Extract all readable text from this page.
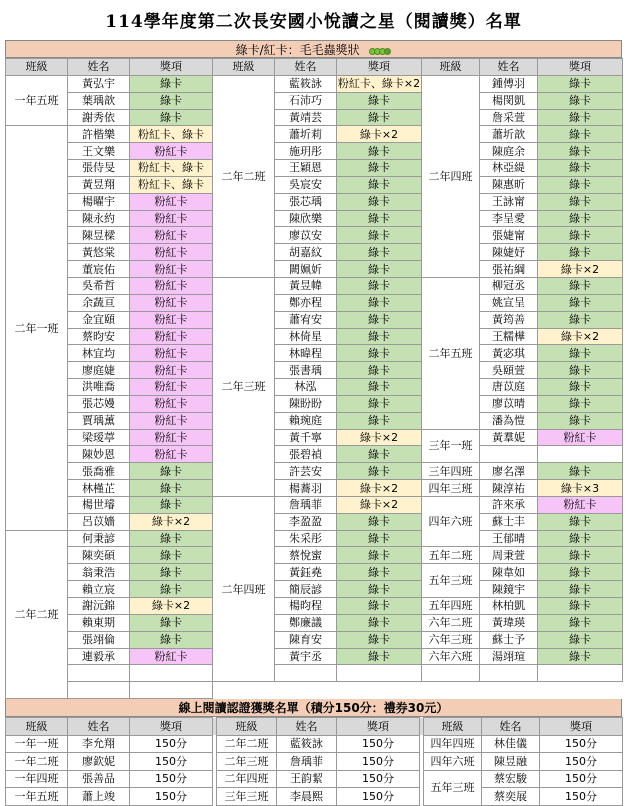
114學年度第二次長安國小悅讀之星（閱讀獎）名單
綠卡/紅卡：毛毛蟲獎狀
班級	姓名	獎項	班級	姓名	獎項	班級	姓名	獎項
一年五班	黃弘宇	綠卡	二年二班	藍筱詠	粉紅卡、綠卡×2	二年四班	鍾傅羽	綠卡
	葉瑀歆	綠卡		石沛巧	綠卡		楊閔凱	綠卡
	謝秀依	綠卡		黃靖芸	綠卡		詹采萱	綠卡
二年一班	許楷樂	粉紅卡、綠卡		蕭圻莉	綠卡×2		蕭圻歆	綠卡
	王文樂	粉紅卡		施玥彤	綠卡		陳庭余	綠卡
	張侍旻	粉紅卡、綠卡		王穎恩	綠卡		林亞緹	綠卡
	黃昱翔	粉紅卡、綠卡		吳宸安	綠卡		陳惠昕	綠卡
	楊曜宇	粉紅卡		張芯瑀	綠卡		王詠甯	綠卡
	陳永約	粉紅卡		陳欣樂	綠卡		李呈愛	綠卡
	陳昱樑	粉紅卡		廖苡安	綠卡		張婕甯	綠卡
	黃悠棠	粉紅卡		胡嘉紋	綠卡		陳婕妤	綠卡
	董宸佑	粉紅卡		闕姵妡	綠卡		張祐綱	綠卡×2
	吳希哲	粉紅卡	二年三班	黃昱幃	綠卡	二年五班	柳冠丞	綠卡
	余蔬亘	粉紅卡		鄭亦程	綠卡		姚宣呈	綠卡
	金宜頤	粉紅卡		蕭宥安	綠卡		黃筠善	綠卡
	蔡昀安	粉紅卡		林倚星	綠卡		王糯樺	綠卡×2
	林宜均	粉紅卡		林暐程	綠卡		黃宓琪	綠卡
	廖庭婕	粉紅卡		張書瑀	綠卡		吳頤萱	綠卡
	洪唯喬	粉紅卡		林泓	綠卡		唐苡庭	綠卡
	張芯嫚	粉紅卡		陳盼盼	綠卡		廖苡晴	綠卡
	賈瑀薰	粉紅卡		賴琬庭	綠卡		潘為愷	綠卡
	梁瑷葶	粉紅卡		黃千寧	綠卡×2	三年一班	黃羣妮	粉紅卡
	陳妙恩	粉紅卡		張碧禎	綠卡			
	張喬雅	綠卡		許芸安	綠卡	三年四班	廖名澤	綠卡
	林槿芷	綠卡		楊蕎羽	綠卡×2	四年三班	陳淳祐	綠卡×3
	楊世璿	綠卡	二年四班	詹瑀菲	綠卡×2	四年六班	許來承	粉紅卡
	呂苡嬙	綠卡×2		李盈盈	綠卡		蘇士丰	綠卡
二年二班	何秉諺	綠卡		朱采彤	綠卡		王郁晴	綠卡
	陳奕碩	綠卡		蔡悅蜜	綠卡	五年二班	周秉萱	綠卡
	翁秉浩	綠卡		黃鈺堯	綠卡	五年三班	陳韋如	綠卡
	賴立宸	綠卡		簡辰諺	綠卡		陳鏡宇	綠卡
	謝沅錦	綠卡×2		楊昀程	綠卡	五年四班	林柏凱	綠卡
	賴東期	綠卡		鄭廉議	綠卡	六年二班	黃瑋瑛	綠卡
	張翊倫	綠卡		陳育安	綠卡	六年三班	蘇士予	綠卡
	連毅承	粉紅卡		黃宇丞	綠卡	六年六班	湯翊瑄	綠卡

線上閱讀認證獲獎名單（積分150分：禮券30元）
班級	姓名	獎項		班級	姓名	獎項		班級	姓名	獎項
一年一班	李允翔	150分		二年二班	藍筱詠	150分		四年四班	林佳儀	150分
一年二班	廖欽妮	150分		二年三班	詹瑀菲	150分		四年六班	陳昱融	150分
一年四班	張善品	150分		二年四班	王韵絜	150分		五年三班	蔡宏駿	150分
一年五班	蕭上竣	150分		三年三班	李晨熙	150分			蔡奕展	150分
